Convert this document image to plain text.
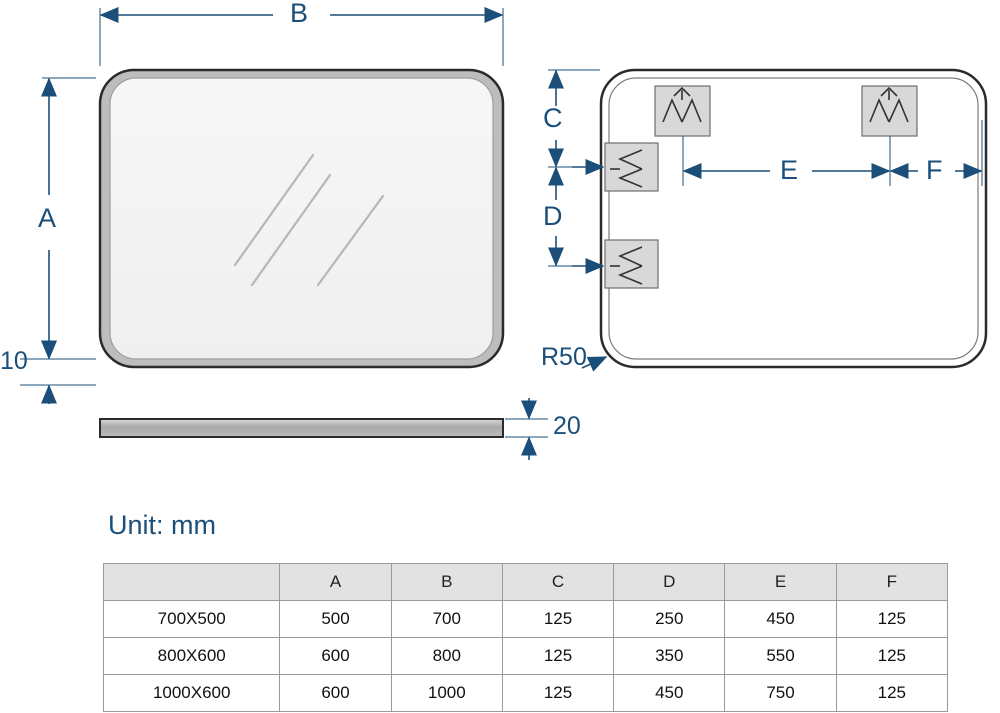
B
A
10
20
R50
C
D
E	F
Unit: mm
	A	B	C	D	E	F
700X500	500	700	125	250	450	125
800X600	600	800	125	350	550	125
1000X600	600	1000	125	450	750	125
